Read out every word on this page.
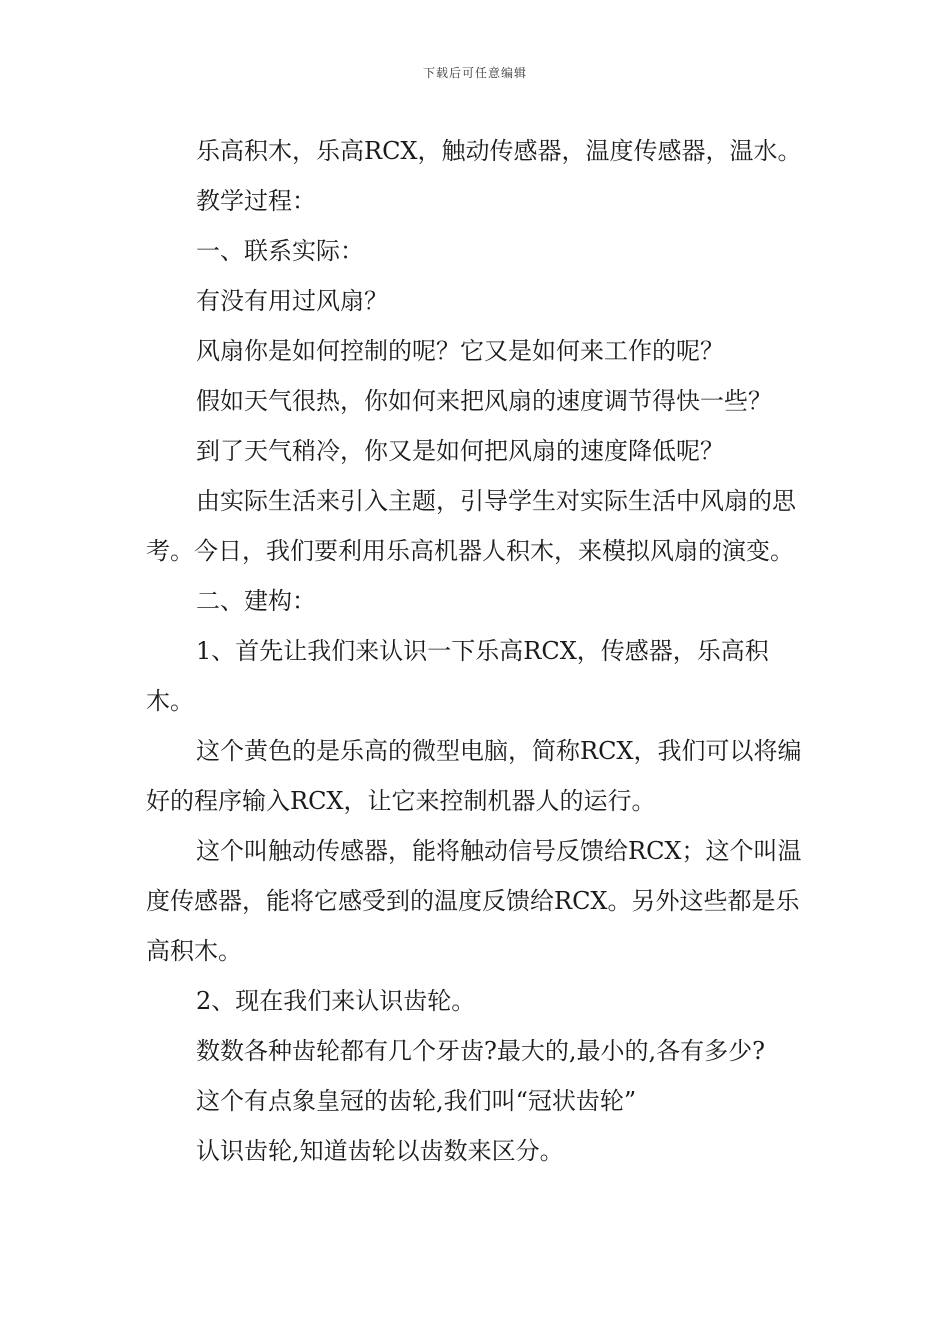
下载后可任意编辑

乐高积木，乐高RCX，触动传感器，温度传感器，温水。

教学过程：

一、联系实际：

有没有用过风扇？

风扇你是如何控制的呢？它又是如何来工作的呢？

假如天气很热，你如何来把风扇的速度调节得快一些？

到了天气稍冷，你又是如何把风扇的速度降低呢？

由实际生活来引入主题，引导学生对实际生活中风扇的思考。今日，我们要利用乐高机器人积木，来模拟风扇的演变。

二、建构：

1、首先让我们来认识一下乐高RCX，传感器，乐高积木。

这个黄色的是乐高的微型电脑，简称RCX，我们可以将编好的程序输入RCX，让它来控制机器人的运行。

这个叫触动传感器，能将触动信号反馈给RCX；这个叫温度传感器，能将它感受到的温度反馈给RCX。另外这些都是乐高积木。

2、现在我们来认识齿轮。

数数各种齿轮都有几个牙齿?最大的,最小的,各有多少?

这个有点象皇冠的齿轮,我们叫“冠状齿轮”

认识齿轮,知道齿轮以齿数来区分。
